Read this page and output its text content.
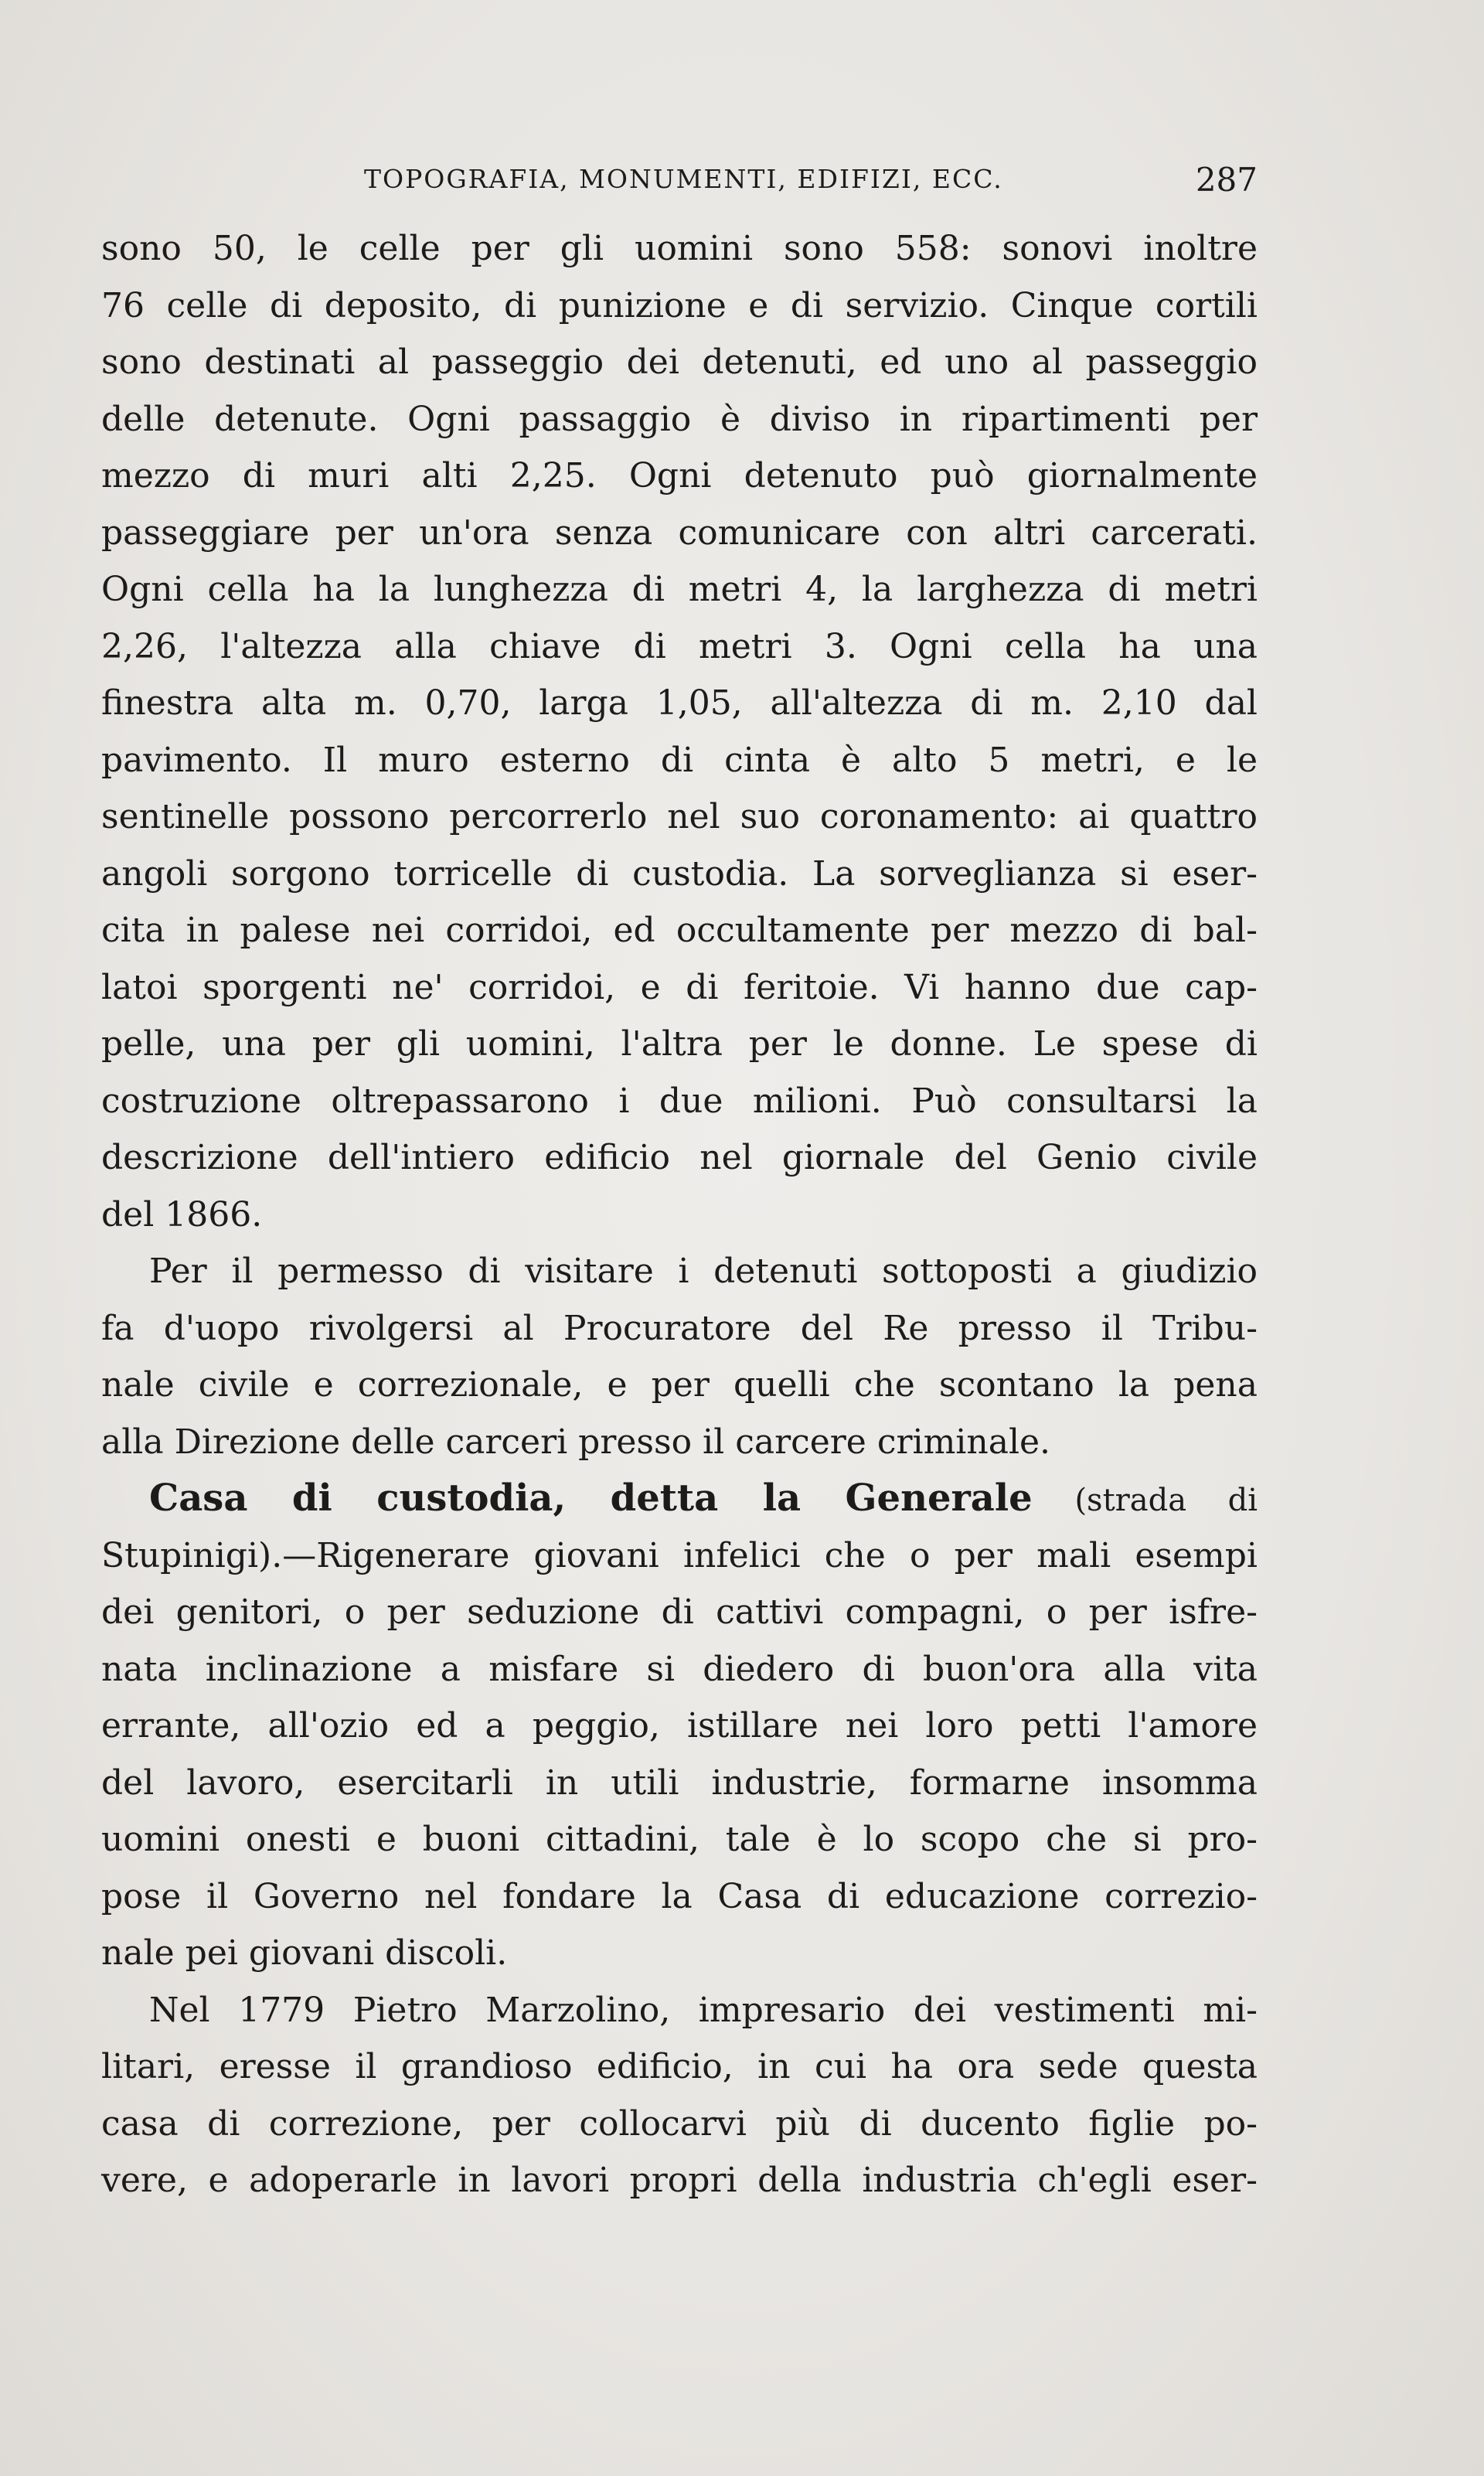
TOPOGRAFIA, MONUMENTI, EDIFIZI, ECC.	287
sono 50, le celle per gli uomini sono 558: sonovi inoltre
76 celle di deposito, di punizione e di servizio. Cinque cortili
sono destinati al passeggio dei detenuti, ed uno al passeggio
delle detenute. Ogni passaggio è diviso in ripartimenti per
mezzo di muri alti 2,25. Ogni detenuto può giornalmente
passeggiare per un'ora senza comunicare con altri carcerati.
Ogni cella ha la lunghezza di metri 4, la larghezza di metri
2,26, l'altezza alla chiave di metri 3. Ogni cella ha una
finestra alta m. 0,70, larga 1,05, all'altezza di m. 2,10 dal
pavimento. Il muro esterno di cinta è alto 5 metri, e le
sentinelle possono percorrerlo nel suo coronamento: ai quattro
angoli sorgono torricelle di custodia. La sorveglianza si eser-
cita in palese nei corridoi, ed occultamente per mezzo di bal-
latoi sporgenti ne' corridoi, e di feritoie. Vi hanno due cap-
pelle, una per gli uomini, l'altra per le donne. Le spese di
costruzione oltrepassarono i due milioni. Può consultarsi la
descrizione dell'intiero edificio nel giornale del Genio civile
del 1866.
Per il permesso di visitare i detenuti sottoposti a giudizio
fa d'uopo rivolgersi al Procuratore del Re presso il Tribu-
nale civile e correzionale, e per quelli che scontano la pena
alla Direzione delle carceri presso il carcere criminale.
Casa di custodia, detta la Generale (strada di
Stupinigi).—Rigenerare giovani infelici che o per mali esempi
dei genitori, o per seduzione di cattivi compagni, o per isfre-
nata inclinazione a misfare si diedero di buon'ora alla vita
errante, all'ozio ed a peggio, istillare nei loro petti l'amore
del lavoro, esercitarli in utili industrie, formarne insomma
uomini onesti e buoni cittadini, tale è lo scopo che si pro-
pose il Governo nel fondare la Casa di educazione correzio-
nale pei giovani discoli.
Nel 1779 Pietro Marzolino, impresario dei vestimenti mi-
litari, eresse il grandioso edificio, in cui ha ora sede questa
casa di correzione, per collocarvi più di ducento figlie po-
vere, e adoperarle in lavori propri della industria ch'egli eser-
